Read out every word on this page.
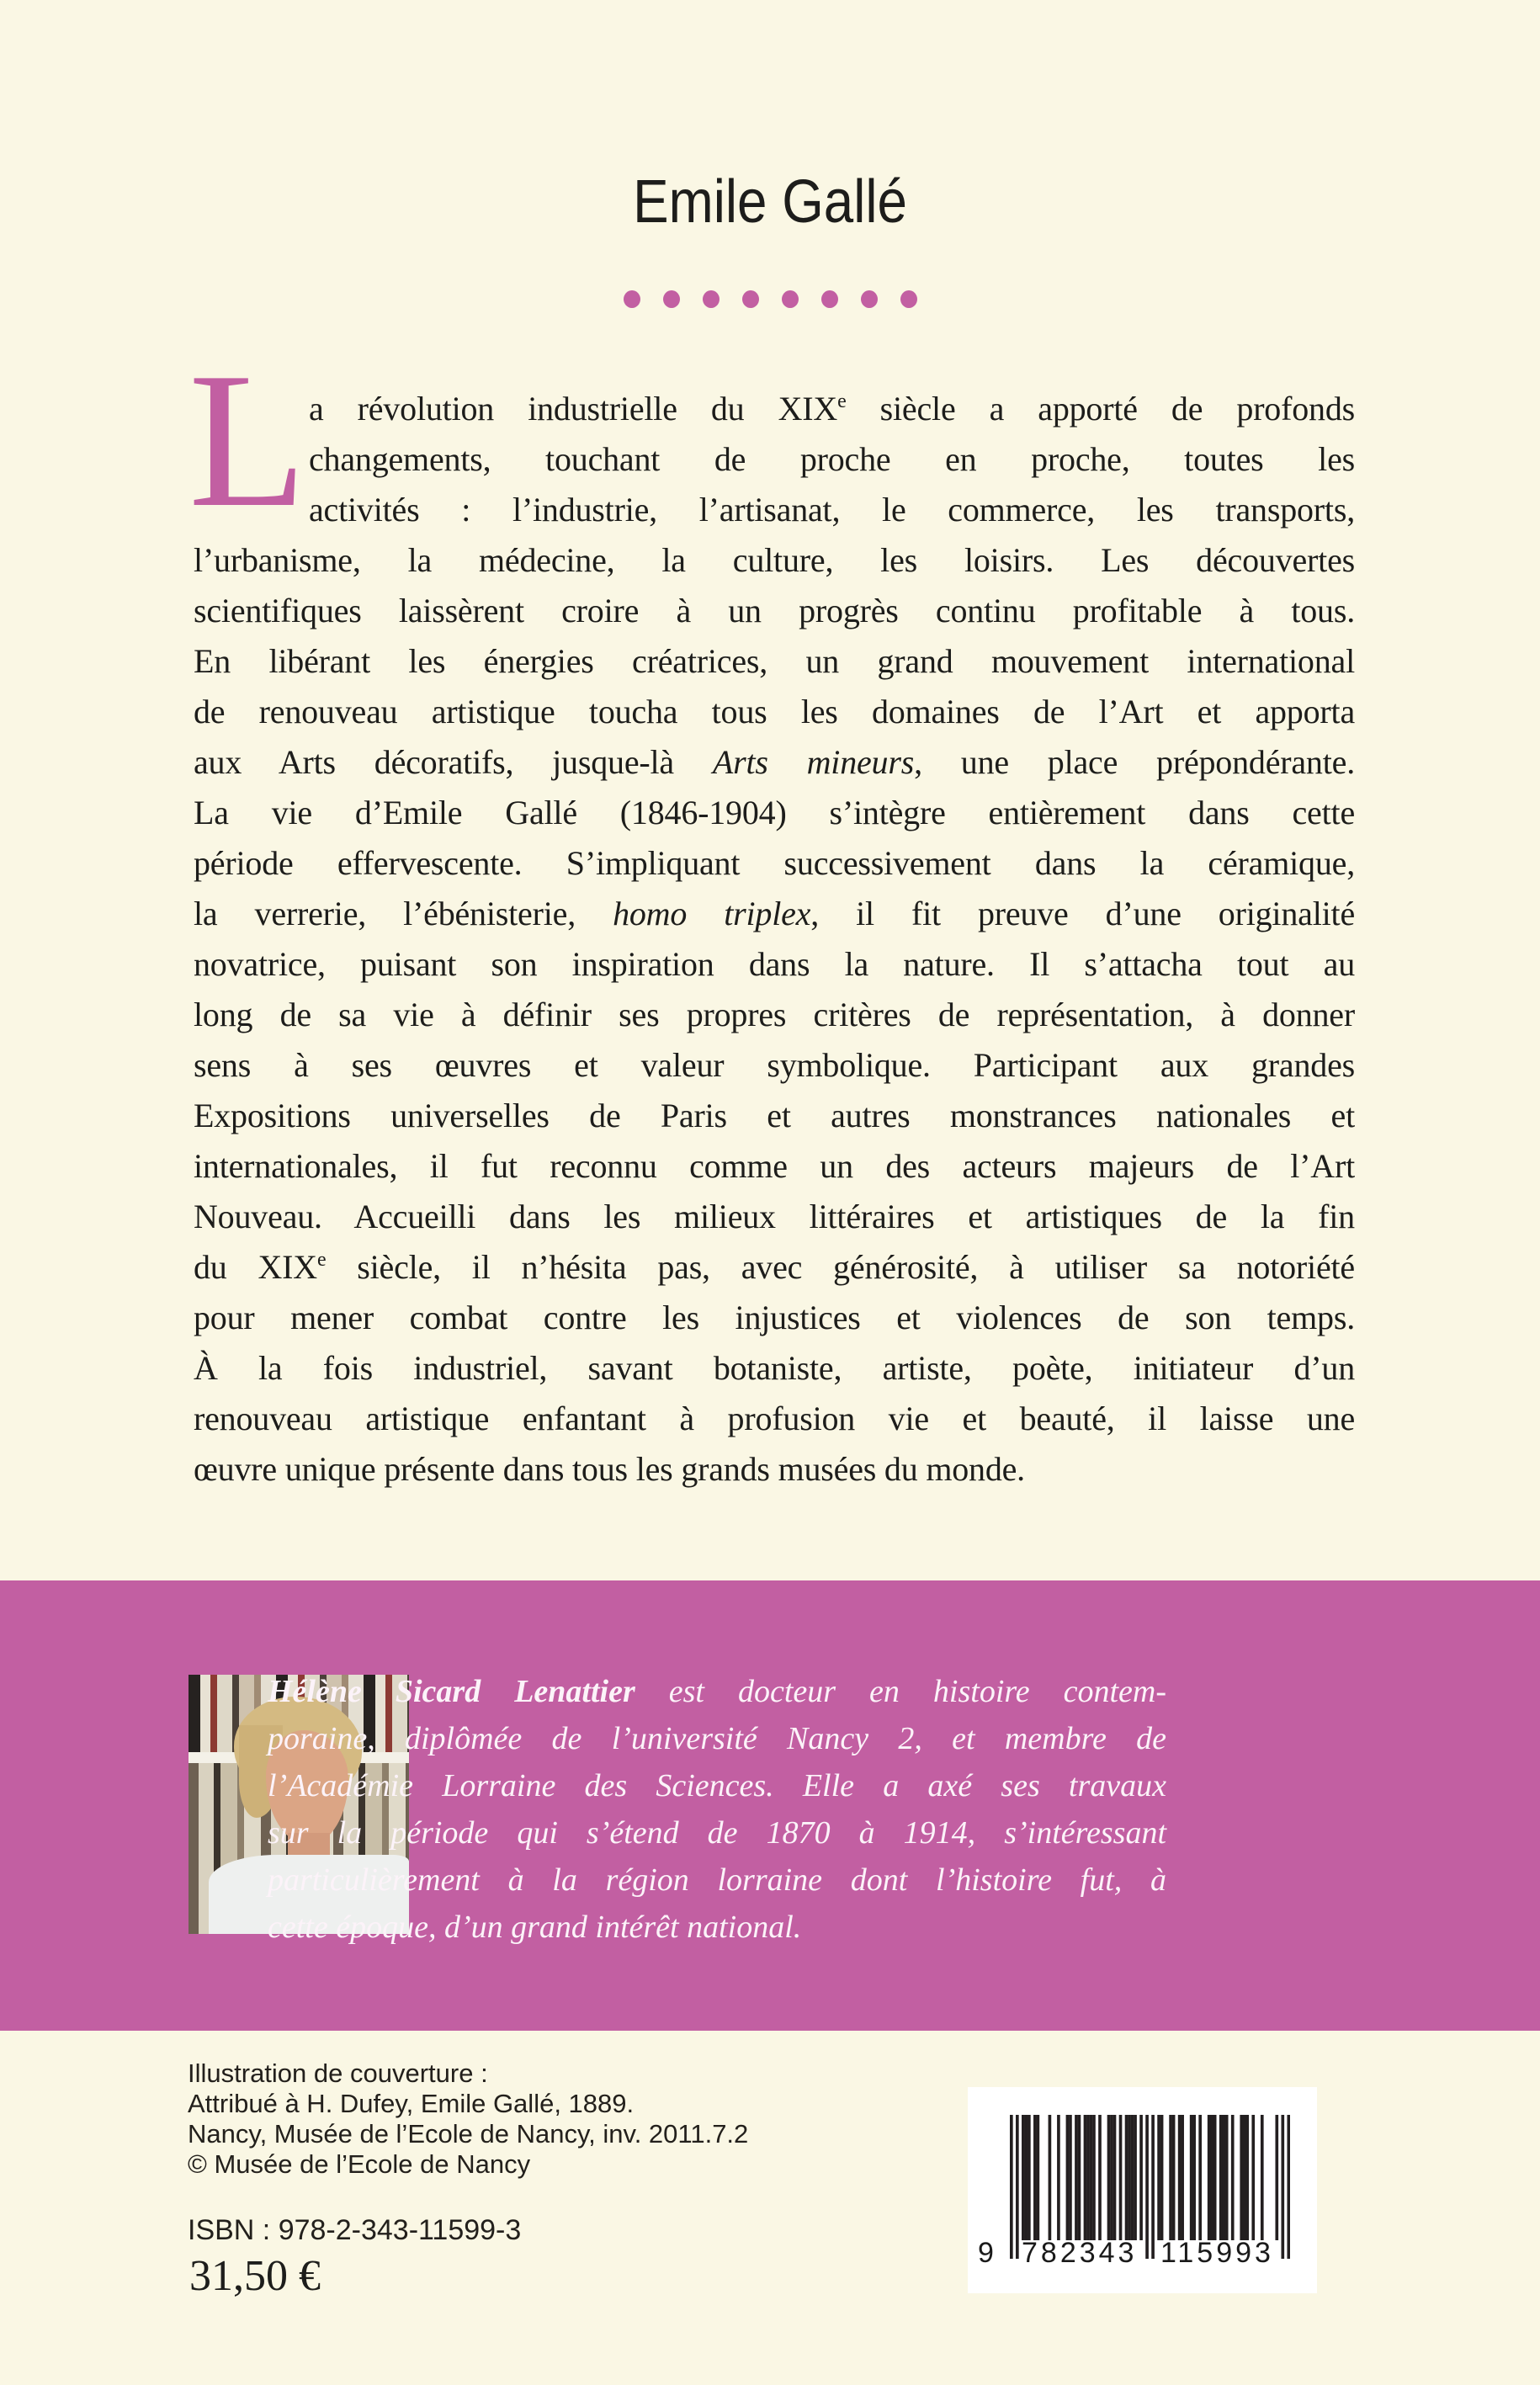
Emile Gallé
L a révolution industrielle du XIXe siècle a apporté de profonds
changements, touchant de proche en proche, toutes les
activités : l’industrie, l’artisanat, le commerce, les transports,
l’urbanisme, la médecine, la culture, les loisirs. Les découvertes
scientifiques laissèrent croire à un progrès continu profitable à tous.
En libérant les énergies créatrices, un grand mouvement international
de renouveau artistique toucha tous les domaines de l’Art et apporta
aux Arts décoratifs, jusque-là Arts mineurs, une place prépondérante.
La vie d’Emile Gallé (1846-1904) s’intègre entièrement dans cette
période effervescente. S’impliquant successivement dans la céramique,
la verrerie, l’ébénisterie, homo triplex, il fit preuve d’une originalité
novatrice, puisant son inspiration dans la nature. Il s’attacha tout au
long de sa vie à définir ses propres critères de représentation, à donner
sens à ses œuvres et valeur symbolique. Participant aux grandes
Expositions universelles de Paris et autres monstrances nationales et
internationales, il fut reconnu comme un des acteurs majeurs de l’Art
Nouveau. Accueilli dans les milieux littéraires et artistiques de la fin
du XIXe siècle, il n’hésita pas, avec générosité, à utiliser sa notoriété
pour mener combat contre les injustices et violences de son temps.
À la fois industriel, savant botaniste, artiste, poète, initiateur d’un
renouveau artistique enfantant à profusion vie et beauté, il laisse une
œuvre unique présente dans tous les grands musées du monde.
Hélène Sicard Lenattier est docteur en histoire contem-
poraine, diplômée de l’université Nancy 2, et membre de
l’Académie Lorraine des Sciences. Elle a axé ses travaux
sur la période qui s’étend de 1870 à 1914, s’intéressant
particulièrement à la région lorraine dont l’histoire fut, à
cette époque, d’un grand intérêt national.
Illustration de couverture :
Attribué à H. Dufey, Emile Gallé, 1889.
Nancy, Musée de l’Ecole de Nancy, inv. 2011.7.2
© Musée de l’Ecole de Nancy
ISBN : 978-2-343-11599-3
31,50 €	9 782343 115993
